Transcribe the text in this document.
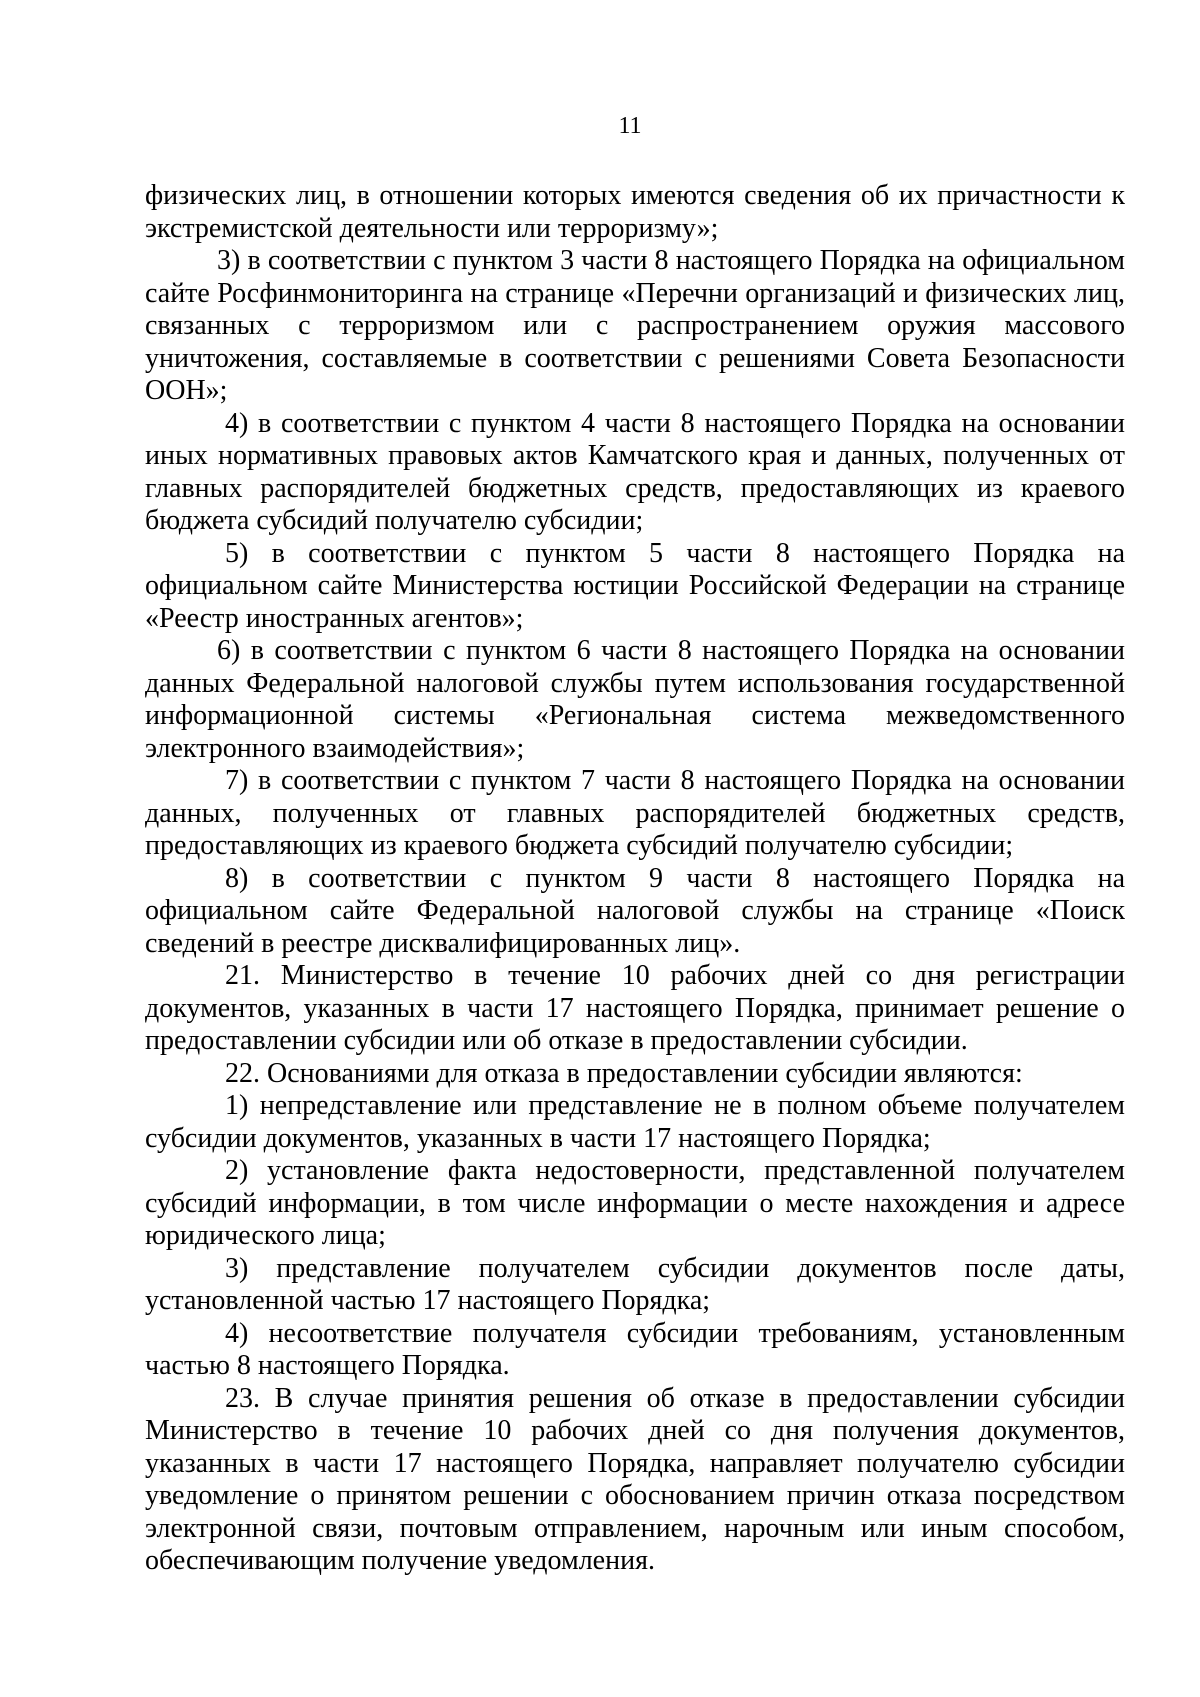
11

физических лиц, в отношении которых имеются сведения об их причастности к экстремистской деятельности или терроризму»;

3) в соответствии с пунктом 3 части 8 настоящего Порядка на официальном сайте Росфинмониторинга на странице «Перечни организаций и физических лиц, связанных с терроризмом или с распространением оружия массового уничтожения, составляемые в соответствии с решениями Совета Безопасности ООН»;

4) в соответствии с пунктом 4 части 8 настоящего Порядка на основании иных нормативных правовых актов Камчатского края и данных, полученных от главных распорядителей бюджетных средств, предоставляющих из краевого бюджета субсидий получателю субсидии;

5) в соответствии с пунктом 5 части 8 настоящего Порядка на официальном сайте Министерства юстиции Российской Федерации на странице «Реестр иностранных агентов»;

6) в соответствии с пунктом 6 части 8 настоящего Порядка на основании данных Федеральной налоговой службы путем использования государственной информационной системы «Региональная система межведомственного электронного взаимодействия»;

7) в соответствии с пунктом 7 части 8 настоящего Порядка на основании данных, полученных от главных распорядителей бюджетных средств, предоставляющих из краевого бюджета субсидий получателю субсидии;

8) в соответствии с пунктом 9 части 8 настоящего Порядка на официальном сайте Федеральной налоговой службы на странице «Поиск сведений в реестре дисквалифицированных лиц».

21. Министерство в течение 10 рабочих дней со дня регистрации документов, указанных в части 17 настоящего Порядка, принимает решение о предоставлении субсидии или об отказе в предоставлении субсидии.

22. Основаниями для отказа в предоставлении субсидии являются:

1) непредставление или представление не в полном объеме получателем субсидии документов, указанных в части 17 настоящего Порядка;

2) установление факта недостоверности, представленной получателем субсидий информации, в том числе информации о месте нахождения и адресе юридического лица;

3) представление получателем субсидии документов после даты, установленной частью 17 настоящего Порядка;

4) несоответствие получателя субсидии требованиям, установленным частью 8 настоящего Порядка.

23. В случае принятия решения об отказе в предоставлении субсидии Министерство в течение 10 рабочих дней со дня получения документов, указанных в части 17 настоящего Порядка, направляет получателю субсидии уведомление о принятом решении с обоснованием причин отказа посредством электронной связи, почтовым отправлением, нарочным или иным способом, обеспечивающим получение уведомления.
